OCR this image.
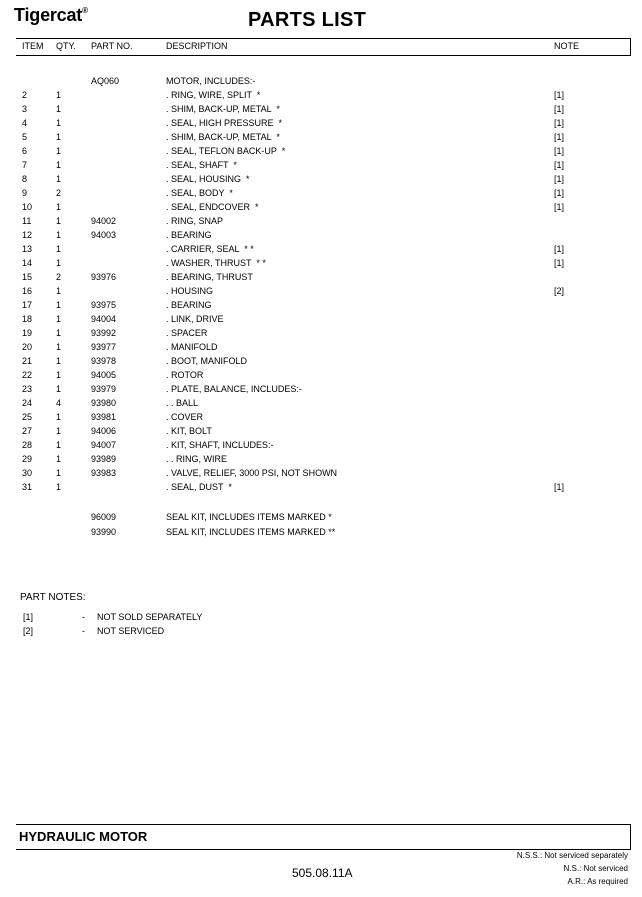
Tigercat®	PARTS LIST
ITEM QTY. PART NO.	DESCRIPTION	NOTE
AQ060	MOTOR, INCLUDES:-
2	1	. RING, WIRE, SPLIT  *	[1]
3	1	. SHIM, BACK-UP, METAL  *	[1]
4	1	. SEAL, HIGH PRESSURE  *	[1]
5	1	. SHIM, BACK-UP, METAL  *	[1]
6	1	. SEAL, TEFLON BACK-UP  *	[1]
7	1	. SEAL, SHAFT  *	[1]
8	1	. SEAL, HOUSING  *	[1]
9	2	. SEAL, BODY  *	[1]
10	1	. SEAL, ENDCOVER  *	[1]
11	1	94002	. RING, SNAP
12	1	94003	. BEARING
13	1	. CARRIER, SEAL  * *	[1]
14	1	. WASHER, THRUST  * *	[1]
15	2	93976	. BEARING, THRUST
16	1	. HOUSING	[2]
17	1	93975	. BEARING
18	1	94004	. LINK, DRIVE
19	1	93992	. SPACER
20	1	93977	. MANIFOLD
21	1	93978	. BOOT, MANIFOLD
22	1	94005	. ROTOR
23	1	93979	. PLATE, BALANCE, INCLUDES:-
24	4	93980	. . BALL
25	1	93981	. COVER
27	1	94006	. KIT, BOLT
28	1	94007	. KIT, SHAFT, INCLUDES:-
29	1	93989	. . RING, WIRE
30	1	93983	. VALVE, RELIEF, 3000 PSI, NOT SHOWN
31	1	. SEAL, DUST  *	[1]
96009	SEAL KIT, INCLUDES ITEMS MARKED *
93990	SEAL KIT, INCLUDES ITEMS MARKED **
PART NOTES:
[1]	- NOT SOLD SEPARATELY
[2]	- NOT SERVICED
HYDRAULIC MOTOR
N.S.S.: Not serviced separately
N.S.: Not serviced
A.R.: As required
505.08.11A
